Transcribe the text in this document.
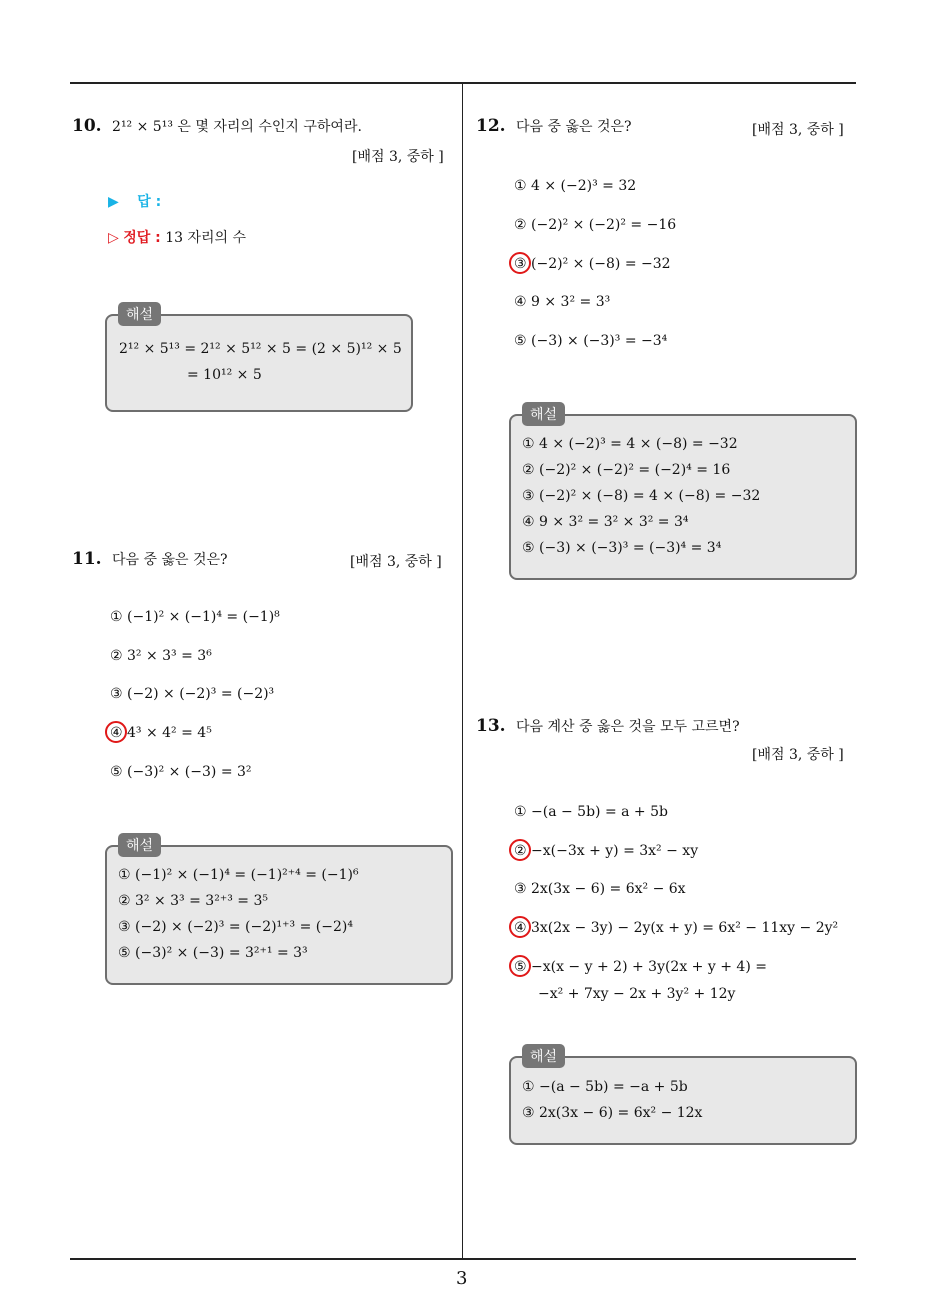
3
10. 2¹² × 5¹³ 은 몇 자리의 수인지 구하여라.
[배점 3, 중하 ]
▶ 답 :
▷ 정답 : 13 자리의 수
해설
2¹² × 5¹³ = 2¹² × 5¹² × 5 = (2 × 5)¹² × 5
= 10¹² × 5
11. 다음 중 옳은 것은?	[배점 3, 중하 ]
① (−1)² × (−1)⁴ = (−1)⁸
② 3² × 3³ = 3⁶
③ (−2) × (−2)³ = (−2)³
④ 4³ × 4² = 4⁵
⑤ (−3)² × (−3) = 3²
해설
① (−1)² × (−1)⁴ = (−1)²⁺⁴ = (−1)⁶
② 3² × 3³ = 3²⁺³ = 3⁵
③ (−2) × (−2)³ = (−2)¹⁺³ = (−2)⁴
⑤ (−3)² × (−3) = 3²⁺¹ = 3³
12. 다음 중 옳은 것은?	[배점 3, 중하 ]
① 4 × (−2)³ = 32
② (−2)² × (−2)² = −16
③ (−2)² × (−8) = −32
④ 9 × 3² = 3³
⑤ (−3) × (−3)³ = −3⁴
해설
① 4 × (−2)³ = 4 × (−8) = −32
② (−2)² × (−2)² = (−2)⁴ = 16
③ (−2)² × (−8) = 4 × (−8) = −32
④ 9 × 3² = 3² × 3² = 3⁴
⑤ (−3) × (−3)³ = (−3)⁴ = 3⁴
13. 다음 계산 중 옳은 것을 모두 고르면?
[배점 3, 중하 ]
① −(a − 5b) = a + 5b
② −x(−3x + y) = 3x² − xy
③ 2x(3x − 6) = 6x² − 6x
④ 3x(2x − 3y) − 2y(x + y) = 6x² − 11xy − 2y²
⑤ −x(x − y + 2) + 3y(2x + y + 4) =
−x² + 7xy − 2x + 3y² + 12y
해설
① −(a − 5b) = −a + 5b
③ 2x(3x − 6) = 6x² − 12x
